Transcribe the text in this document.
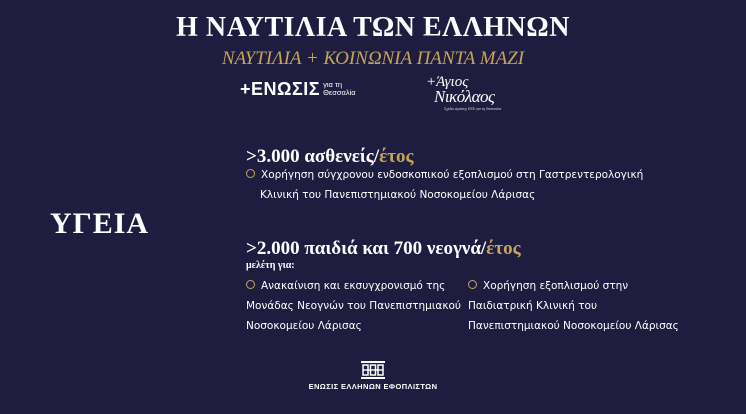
Η ΝΑΥΤΙΛΙΑ ΤΩΝ ΕΛΛΗΝΩΝ
ΝΑΥΤΙΛΙΑ + ΚΟΙΝΩΝΙΑ ΠΑΝΤΑ ΜΑΖΙ
+ΕΝΩΣΙΣ για τη
Θεσσαλία
+Άγιος
Νικόλαος
Σχέδιο Δράσης ΕΕΕ για τη Θεσσαλία
ΥΓΕΙΑ
>3.000 ασθενείς/έτος
Χορήγηση σύγχρονου ενδοσκοπικού εξοπλισμού στη Γαστρεντερολογική
Κλινική του Πανεπιστημιακού Νοσοκομείου Λάρισας
>2.000 παιδιά και 700 νεογνά/έτος
μελέτη για:
Ανακαίνιση και εκσυγχρονισμό της
Μονάδας Νεογνών του Πανεπιστημιακού
Νοσοκομείου Λάρισας
Χορήγηση εξοπλισμού στην
Παιδιατρική Κλινική του
Πανεπιστημιακού Νοσοκομείου Λάρισας
ΕΝΩΣΙΣ ΕΛΛΗΝΩΝ ΕΦΟΠΛΙΣΤΩΝ
